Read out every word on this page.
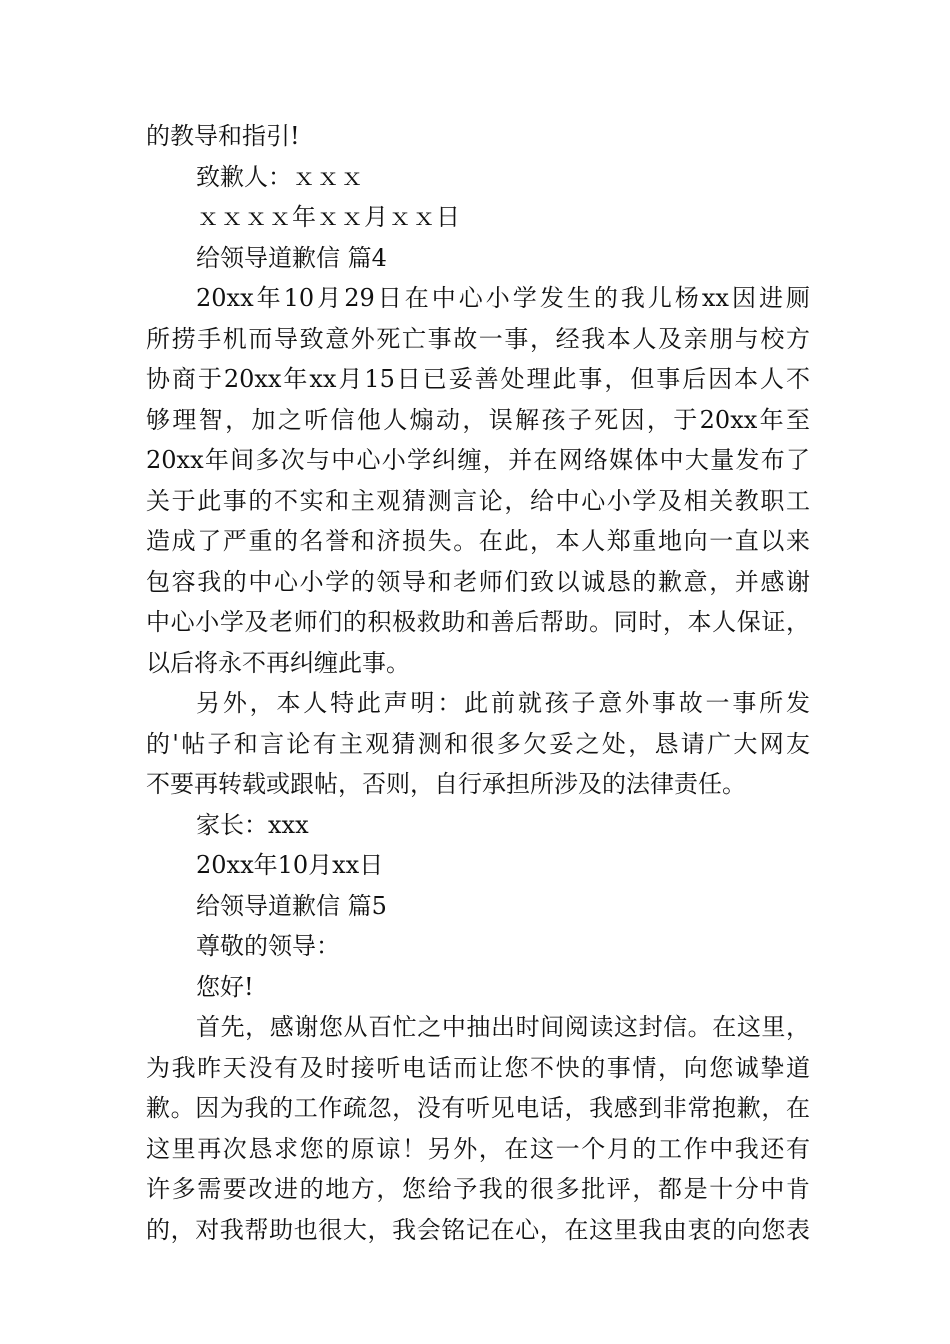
的教导和指引!
致歉人：ｘｘｘ
ｘｘｘｘ年ｘｘ月ｘｘ日
给领导道歉信 篇4
20xx年10月29日在中心小学发生的我儿杨xx因进厕
所捞手机而导致意外死亡事故一事，经我本人及亲朋与校方
协商于20xx年xx月15日已妥善处理此事，但事后因本人不
够理智，加之听信他人煽动，误解孩子死因，于20xx年至
20xx年间多次与中心小学纠缠，并在网络媒体中大量发布了
关于此事的不实和主观猜测言论，给中心小学及相关教职工
造成了严重的名誉和济损失。在此，本人郑重地向一直以来
包容我的中心小学的领导和老师们致以诚恳的歉意，并感谢
中心小学及老师们的积极救助和善后帮助。同时，本人保证，
以后将永不再纠缠此事。
另外，本人特此声明：此前就孩子意外事故一事所发
的'帖子和言论有主观猜测和很多欠妥之处，恳请广大网友
不要再转载或跟帖，否则，自行承担所涉及的法律责任。
家长：xxx
20xx年10月xx日
给领导道歉信 篇5
尊敬的领导：
您好!
首先，感谢您从百忙之中抽出时间阅读这封信。在这里，
为我昨天没有及时接听电话而让您不快的事情，向您诚挚道
歉。因为我的工作疏忽，没有听见电话，我感到非常抱歉，在
这里再次恳求您的原谅！另外，在这一个月的工作中我还有
许多需要改进的地方，您给予我的很多批评，都是十分中肯
的，对我帮助也很大，我会铭记在心，在这里我由衷的向您表
